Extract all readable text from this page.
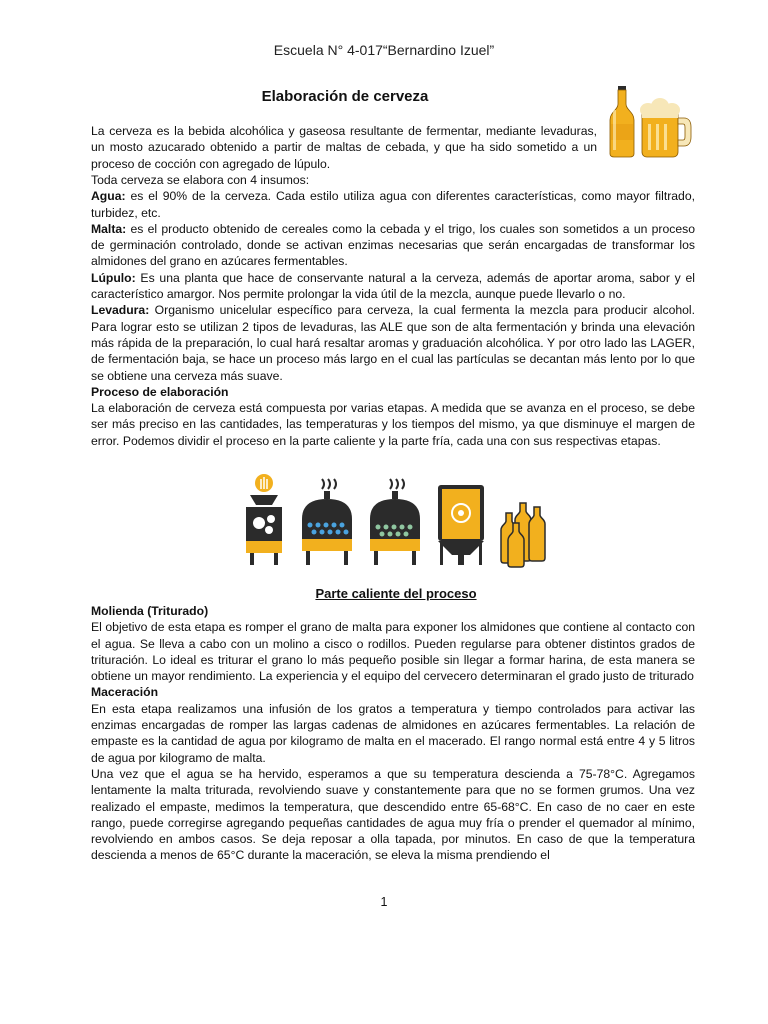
Escuela N° 4-017“Bernardino Izuel”
Elaboración de cerveza

La cerveza es la bebida alcohólica y gaseosa resultante de fermentar, mediante levaduras, un mosto azucarado obtenido a partir de maltas de cebada, y que ha sido sometido a un proceso de cocción con agregado de lúpulo.

Toda cerveza se elabora con 4 insumos:

Agua: es el 90% de la cerveza. Cada estilo utiliza agua con diferentes características, como mayor filtrado, turbidez, etc.

Malta: es el producto obtenido de cereales como la cebada y el trigo, los cuales son sometidos a un proceso de germinación controlado, donde se activan enzimas necesarias que serán encargadas de transformar los almidones del grano en azúcares fermentables.

Lúpulo: Es una planta que hace de conservante natural a la cerveza, además de aportar aroma, sabor y el característico amargor. Nos permite prolongar la vida útil de la mezcla, aunque puede llevarlo o no.

Levadura: Organismo unicelular específico para cerveza, la cual fermenta la mezcla para producir alcohol. Para lograr esto se utilizan 2 tipos de levaduras, las ALE que son de alta fermentación y brinda una elevación más rápida de la preparación, lo cual hará resaltar aromas y graduación alcohólica. Y por otro lado las LAGER, de fermentación baja, se hace un proceso más largo en el cual las partículas se decantan más lento por lo que se obtiene una cerveza más suave.

Proceso de elaboración

La elaboración de cerveza está compuesta por varias etapas. A medida que se avanza en el proceso, se debe ser más preciso en las cantidades, las temperaturas y los tiempos del mismo, ya que disminuye el margen de error. Podemos dividir el proceso en la parte caliente y la parte fría, cada una con sus respectivas etapas.

Parte caliente del proceso

Molienda (Triturado)

El objetivo de esta etapa es romper el grano de malta para exponer los almidones que contiene al contacto con el agua. Se lleva a cabo con un molino a cisco o rodillos. Pueden regularse para obtener distintos grados de trituración. Lo ideal es triturar el grano lo más pequeño posible sin llegar a formar harina, de esta manera se obtiene un mayor rendimiento. La experiencia y el equipo del cervecero determinaran el grado justo de triturado

Maceración

En esta etapa realizamos una infusión de los gratos a temperatura y tiempo controlados para activar las enzimas encargadas de romper las largas cadenas de almidones en azúcares fermentables. La relación de empaste es la cantidad de agua por kilogramo de malta en el macerado. El rango normal está entre 4 y 5 litros de agua por kilogramo de malta.

Una vez que el agua se ha hervido, esperamos a que su temperatura descienda a 75-78°C. Agregamos lentamente la malta triturada, revolviendo suave y constantemente para que no se formen grumos. Una vez realizado el empaste, medimos la temperatura, que descendido entre 65-68°C. En caso de no caer en este rango, puede corregirse agregando pequeñas cantidades de agua muy fría o prender el quemador al mínimo, revolviendo en ambos casos. Se deja reposar a olla tapada, por minutos. En caso de que la temperatura descienda a menos de 65°C durante la maceración, se eleva la misma prendiendo el

1
